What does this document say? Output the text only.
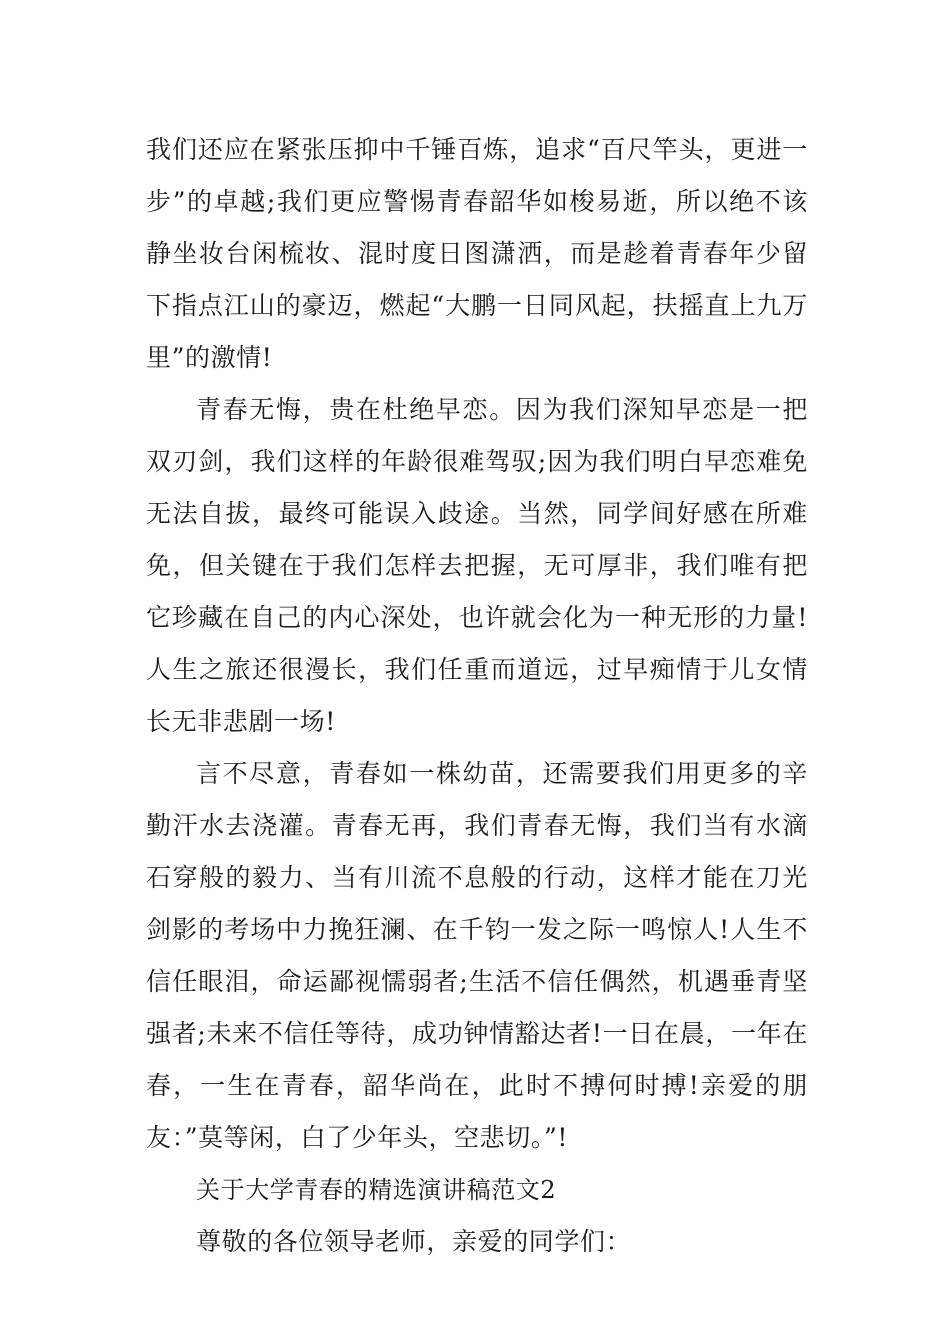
我们还应在紧张压抑中千锤百炼，追求“百尺竿头，更进一步”的卓越;我们更应警惕青春韶华如梭易逝，所以绝不该静坐妆台闲梳妆、混时度日图潇洒，而是趁着青春年少留下指点江山的豪迈，燃起“大鹏一日同风起，扶摇直上九万里”的激情!

青春无悔，贵在杜绝早恋。因为我们深知早恋是一把双刃剑，我们这样的年龄很难驾驭;因为我们明白早恋难免无法自拔，最终可能误入歧途。当然，同学间好感在所难免，但关键在于我们怎样去把握，无可厚非，我们唯有把它珍藏在自己的内心深处，也许就会化为一种无形的力量!人生之旅还很漫长，我们任重而道远，过早痴情于儿女情长无非悲剧一场!

言不尽意，青春如一株幼苗，还需要我们用更多的辛勤汗水去浇灌。青春无再，我们青春无悔，我们当有水滴石穿般的毅力、当有川流不息般的行动，这样才能在刀光剑影的考场中力挽狂澜、在千钧一发之际一鸣惊人!人生不信任眼泪，命运鄙视懦弱者;生活不信任偶然，机遇垂青坚强者;未来不信任等待，成功钟情豁达者!一日在晨，一年在春，一生在青春，韶华尚在，此时不搏何时搏!亲爱的朋友：”莫等闲，白了少年头，空悲切。”!

关于大学青春的精选演讲稿范文2

尊敬的各位领导老师，亲爱的同学们：
